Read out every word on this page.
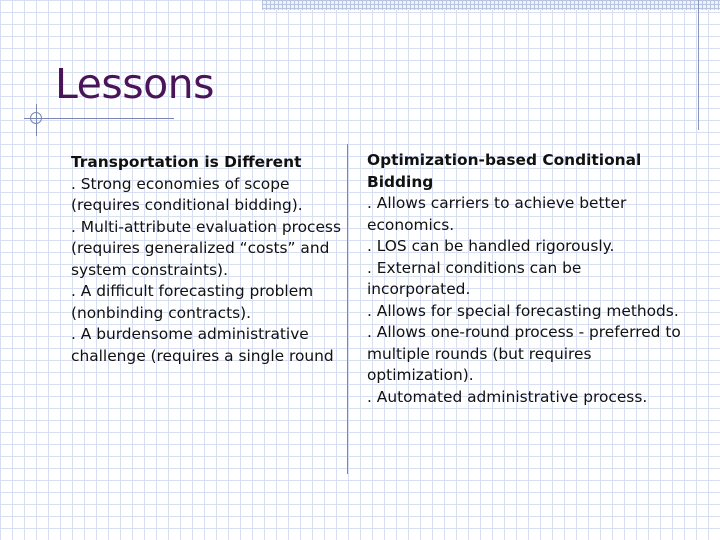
Lessons

Transportation is Different

. Strong economies of scope (requires conditional bidding).

. Multi-attribute evaluation process (requires generalized “costs” and system constraints).

. A difficult forecasting problem (nonbinding contracts).

. A burdensome administrative challenge (requires a single round

Optimization-based Conditional Bidding

. Allows carriers to achieve better economics.

. LOS can be handled rigorously.

. External conditions can be incorporated.

. Allows for special forecasting methods.

. Allows one-round process - preferred to multiple rounds (but requires optimization).

. Automated administrative process.
